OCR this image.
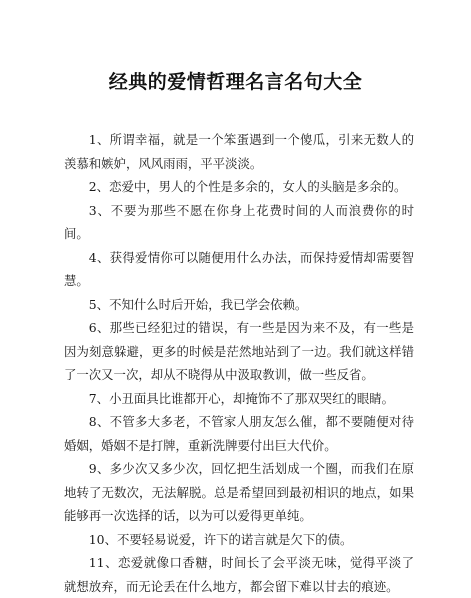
经典的爱情哲理名言名句大全

1、所谓幸福，就是一个笨蛋遇到一个傻瓜，引来无数人的羡慕和嫉妒，风风雨雨，平平淡淡。

2、恋爱中，男人的个性是多余的，女人的头脑是多余的。

3、不要为那些不愿在你身上花费时间的人而浪费你的时间。

4、获得爱情你可以随便用什么办法，而保持爱情却需要智慧。

5、不知什么时后开始，我已学会依赖。

6、那些已经犯过的错误，有一些是因为来不及，有一些是因为刻意躲避，更多的时候是茫然地站到了一边。我们就这样错了一次又一次，却从不晓得从中汲取教训，做一些反省。

7、小丑面具比谁都开心，却掩饰不了那双哭红的眼睛。

8、不管多大多老，不管家人朋友怎么催，都不要随便对待婚姻，婚姻不是打牌，重新洗牌要付出巨大代价。

9、多少次又多少次，回忆把生活划成一个圈，而我们在原地转了无数次，无法解脱。总是希望回到最初相识的地点，如果能够再一次选择的话，以为可以爱得更单纯。

10、不要轻易说爱，许下的诺言就是欠下的债。

11、恋爱就像口香糖，时间长了会平淡无味，觉得平淡了就想放弃，而无论丢在什么地方，都会留下难以甘去的痕迹。
